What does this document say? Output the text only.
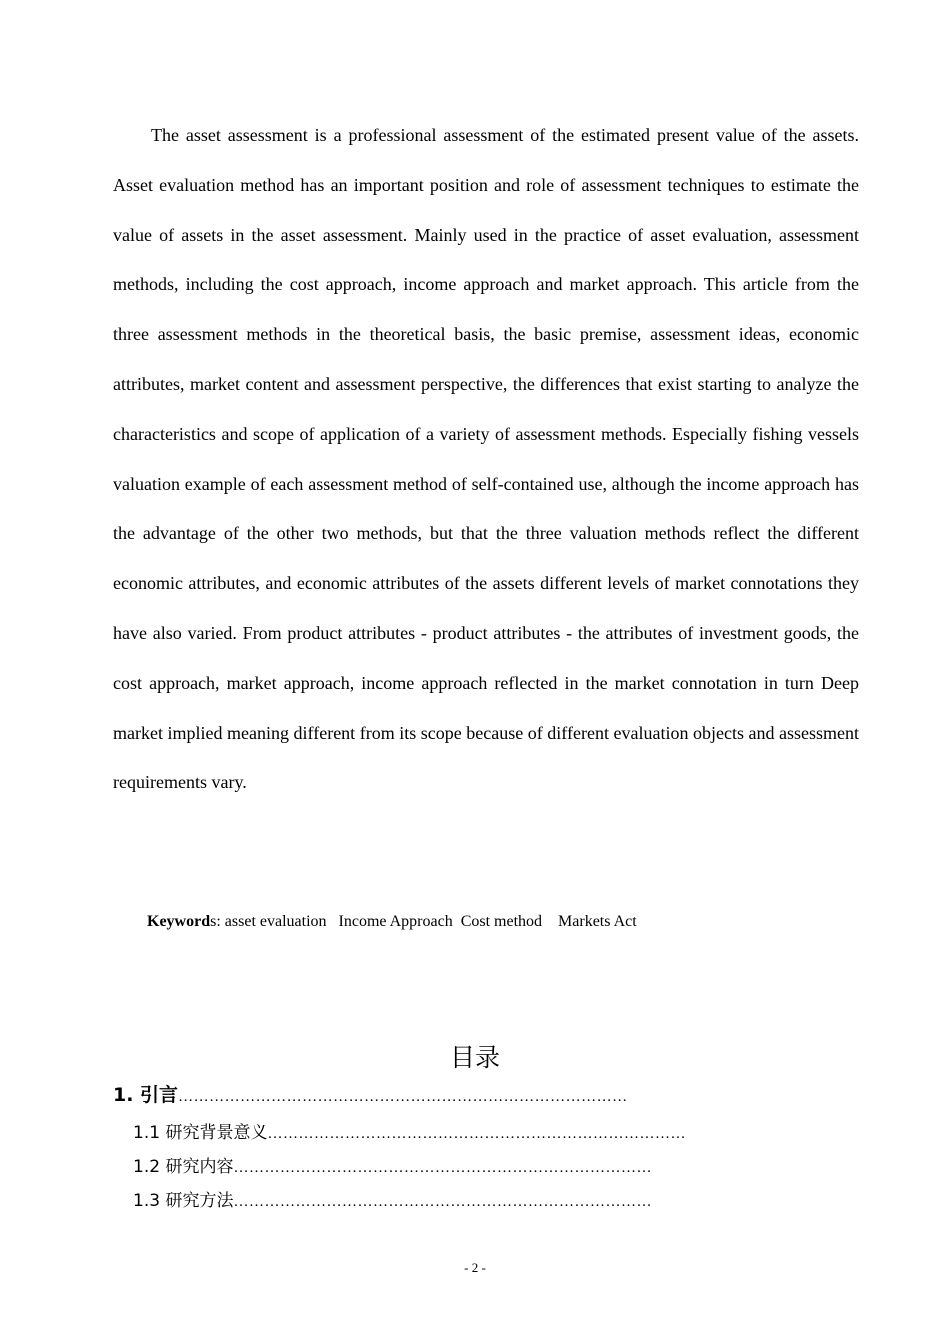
The asset assessment is a professional assessment of the estimated present value of the assets. Asset evaluation method has an important position and role of assessment techniques to estimate the value of assets in the asset assessment. Mainly used in the practice of asset evaluation, assessment methods, including the cost approach, income approach and market approach. This article from the three assessment methods in the theoretical basis, the basic premise, assessment ideas, economic attributes, market content and assessment perspective, the differences that exist starting to analyze the characteristics and scope of application of a variety of assessment methods. Especially fishing vessels valuation example of each assessment method of self-contained use, although the income approach has the advantage of the other two methods, but that the three valuation methods reflect the different economic attributes, and economic attributes of the assets different levels of market connotations they have also varied. From product attributes - product attributes - the attributes of investment goods, the cost approach, market approach, income approach reflected in the market connotation in turn Deep market implied meaning different from its scope because of different evaluation objects and assessment requirements vary.

Keywords: asset evaluation   Income Approach  Cost method    Markets Act
目录
1. 引言……………………………………………………………………………
1.1 研究背景意义………………………………………………………………………
1.2 研究内容………………………………………………………………………
1.3 研究方法………………………………………………………………………
- 2 -
